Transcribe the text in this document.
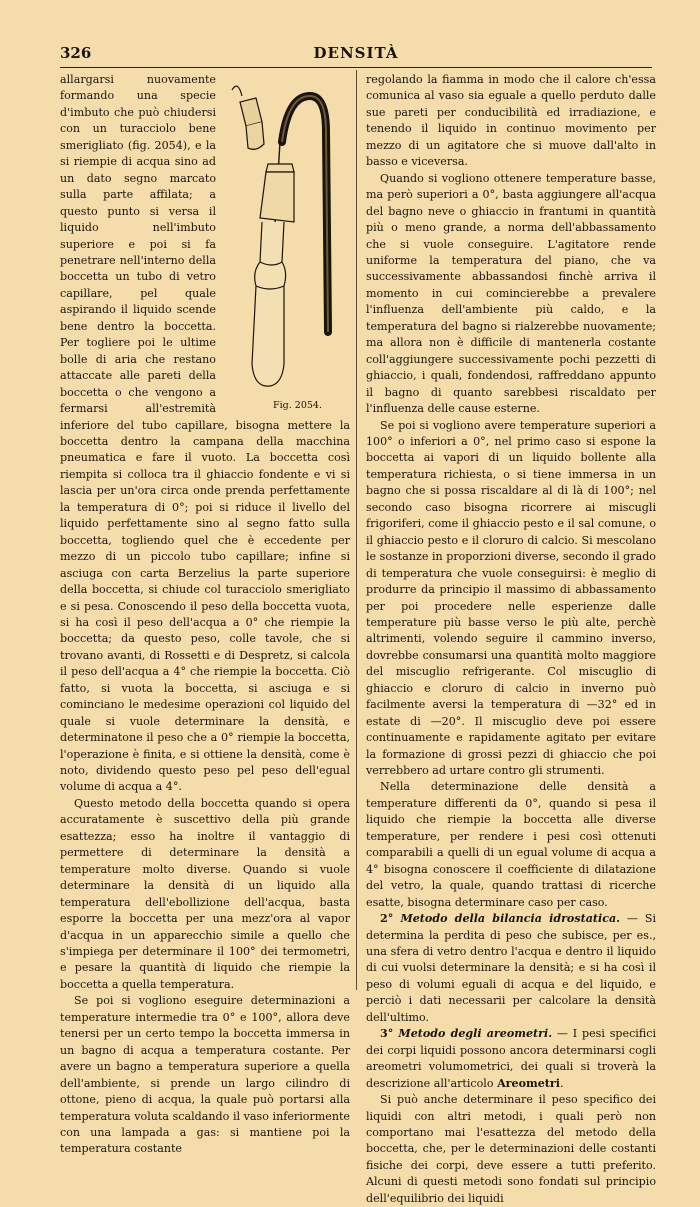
326	DENSITÀ
Fig. 2054.

allargarsi nuovamente formando una specie d'imbuto che può chiudersi con un turacciolo bene smerigliato (fig. 2054), e la si riempie di acqua sino ad un dato segno marcato sulla parte affilata; a questo punto si versa il liquido nell'imbuto superiore e poi si fa penetrare nell'interno della boccetta un tubo di vetro capillare, pel quale aspirando il liquido scende bene dentro la boccetta. Per togliere poi le ultime bolle di aria che restano attaccate alle pareti della boccetta o che vengono a fermarsi all'estremità inferiore del tubo capillare, bisogna mettere la boccetta dentro la campana della macchina pneumatica e fare il vuoto. La boccetta così riempita si colloca tra il ghiaccio fondente e vi si lascia per un'ora circa onde prenda perfettamente la temperatura di 0°; poi si riduce il livello del liquido perfettamente sino al segno fatto sulla boccetta, togliendo quel che è eccedente per mezzo di un piccolo tubo capillare; infine si asciuga con carta Berzelius la parte superiore della boccetta, si chiude col turacciolo smerigliato e si pesa. Conoscendo il peso della boccetta vuota, si ha così il peso dell'acqua a 0° che riempie la boccetta; da questo peso, colle tavole, che si trovano avanti, di Rossetti e di Despretz, si calcola il peso dell'acqua a 4° che riempie la boccetta. Ciò fatto, si vuota la boccetta, si asciuga e si cominciano le medesime operazioni col liquido del quale si vuole determinare la densità, e determinatone il peso che a 0° riempie la boccetta, l'operazione è finita, e si ottiene la densità, come è noto, dividendo questo peso pel peso dell'egual volume di acqua a 4°.

Questo metodo della boccetta quando si opera accuratamente è suscettivo della più grande esattezza; esso ha inoltre il vantaggio di permettere di determinare la densità a temperature molto diverse. Quando si vuole determinare la densità di un liquido alla temperatura dell'ebollizione dell'acqua, basta esporre la boccetta per una mezz'ora al vapor d'acqua in un apparecchio simile a quello che s'impiega per determinare il 100° dei termometri, e pesare la quantità di liquido che riempie la boccetta a quella temperatura.

Se poi si vogliono eseguire determinazioni a temperature intermedie tra 0° e 100°, allora deve tenersi per un certo tempo la boccetta immersa in un bagno di acqua a temperatura costante. Per avere un bagno a temperatura superiore a quella dell'ambiente, si prende un largo cilindro di ottone, pieno di acqua, la quale può portarsi alla temperatura voluta scaldando il vaso inferiormente con una lampada a gas: si mantiene poi la temperatura costante

regolando la fiamma in modo che il calore ch'essa comunica al vaso sia eguale a quello perduto dalle sue pareti per conducibilità ed irradiazione, e tenendo il liquido in continuo movimento per mezzo di un agitatore che si muove dall'alto in basso e viceversa.

Quando si vogliono ottenere temperature basse, ma però superiori a 0°, basta aggiungere all'acqua del bagno neve o ghiaccio in frantumi in quantità più o meno grande, a norma dell'abbassamento che si vuole conseguire. L'agitatore rende uniforme la temperatura del piano, che va successivamente abbassandosi finchè arriva il momento in cui comincierebbe a prevalere l'influenza dell'ambiente più caldo, e la temperatura del bagno si rialzerebbe nuovamente; ma allora non è difficile di mantenerla costante coll'aggiungere successivamente pochi pezzetti di ghiaccio, i quali, fondendosi, raffreddano appunto il bagno di quanto sarebbesi riscaldato per l'influenza delle cause esterne.

Se poi si vogliono avere temperature superiori a 100° o inferiori a 0°, nel primo caso si espone la boccetta ai vapori di un liquido bollente alla temperatura richiesta, o si tiene immersa in un bagno che si possa riscaldare al di là di 100°; nel secondo caso bisogna ricorrere ai miscugli frigoriferi, come il ghiaccio pesto e il sal comune, o il ghiaccio pesto e il cloruro di calcio. Si mescolano le sostanze in proporzioni diverse, secondo il grado di temperatura che vuole conseguirsi: è meglio di produrre da principio il massimo di abbassamento per poi procedere nelle esperienze dalle temperature più basse verso le più alte, perchè altrimenti, volendo seguire il cammino inverso, dovrebbe consumarsi una quantità molto maggiore del miscuglio refrigerante. Col miscuglio di ghiaccio e cloruro di calcio in inverno può facilmente aversi la temperatura di —32° ed in estate di —20°. Il miscuglio deve poi essere continuamente e rapidamente agitato per evitare la formazione di grossi pezzi di ghiaccio che poi verrebbero ad urtare contro gli strumenti.

Nella determinazione delle densità a temperature differenti da 0°, quando si pesa il liquido che riempie la boccetta alle diverse temperature, per rendere i pesi così ottenuti comparabili a quelli di un egual volume di acqua a 4° bisogna conoscere il coefficiente di dilatazione del vetro, la quale, quando trattasi di ricerche esatte, bisogna determinare caso per caso.

2° Metodo della bilancia idrostatica. — Si determina la perdita di peso che subisce, per es., una sfera di vetro dentro l'acqua e dentro il liquido di cui vuolsi determinare la densità; e si ha così il peso di volumi eguali di acqua e del liquido, e perciò i dati necessarii per calcolare la densità dell'ultimo.

3° Metodo degli areometri. — I pesi specifici dei corpi liquidi possono ancora determinarsi cogli areometri volumometrici, dei quali si troverà la descrizione all'articolo Areometri.

Si può anche determinare il peso specifico dei liquidi con altri metodi, i quali però non comportano mai l'esattezza del metodo della boccetta, che, per le determinazioni delle costanti fisiche dei corpi, deve essere a tutti preferito. Alcuni di questi metodi sono fondati sul principio dell'equilibrio dei liquidi
